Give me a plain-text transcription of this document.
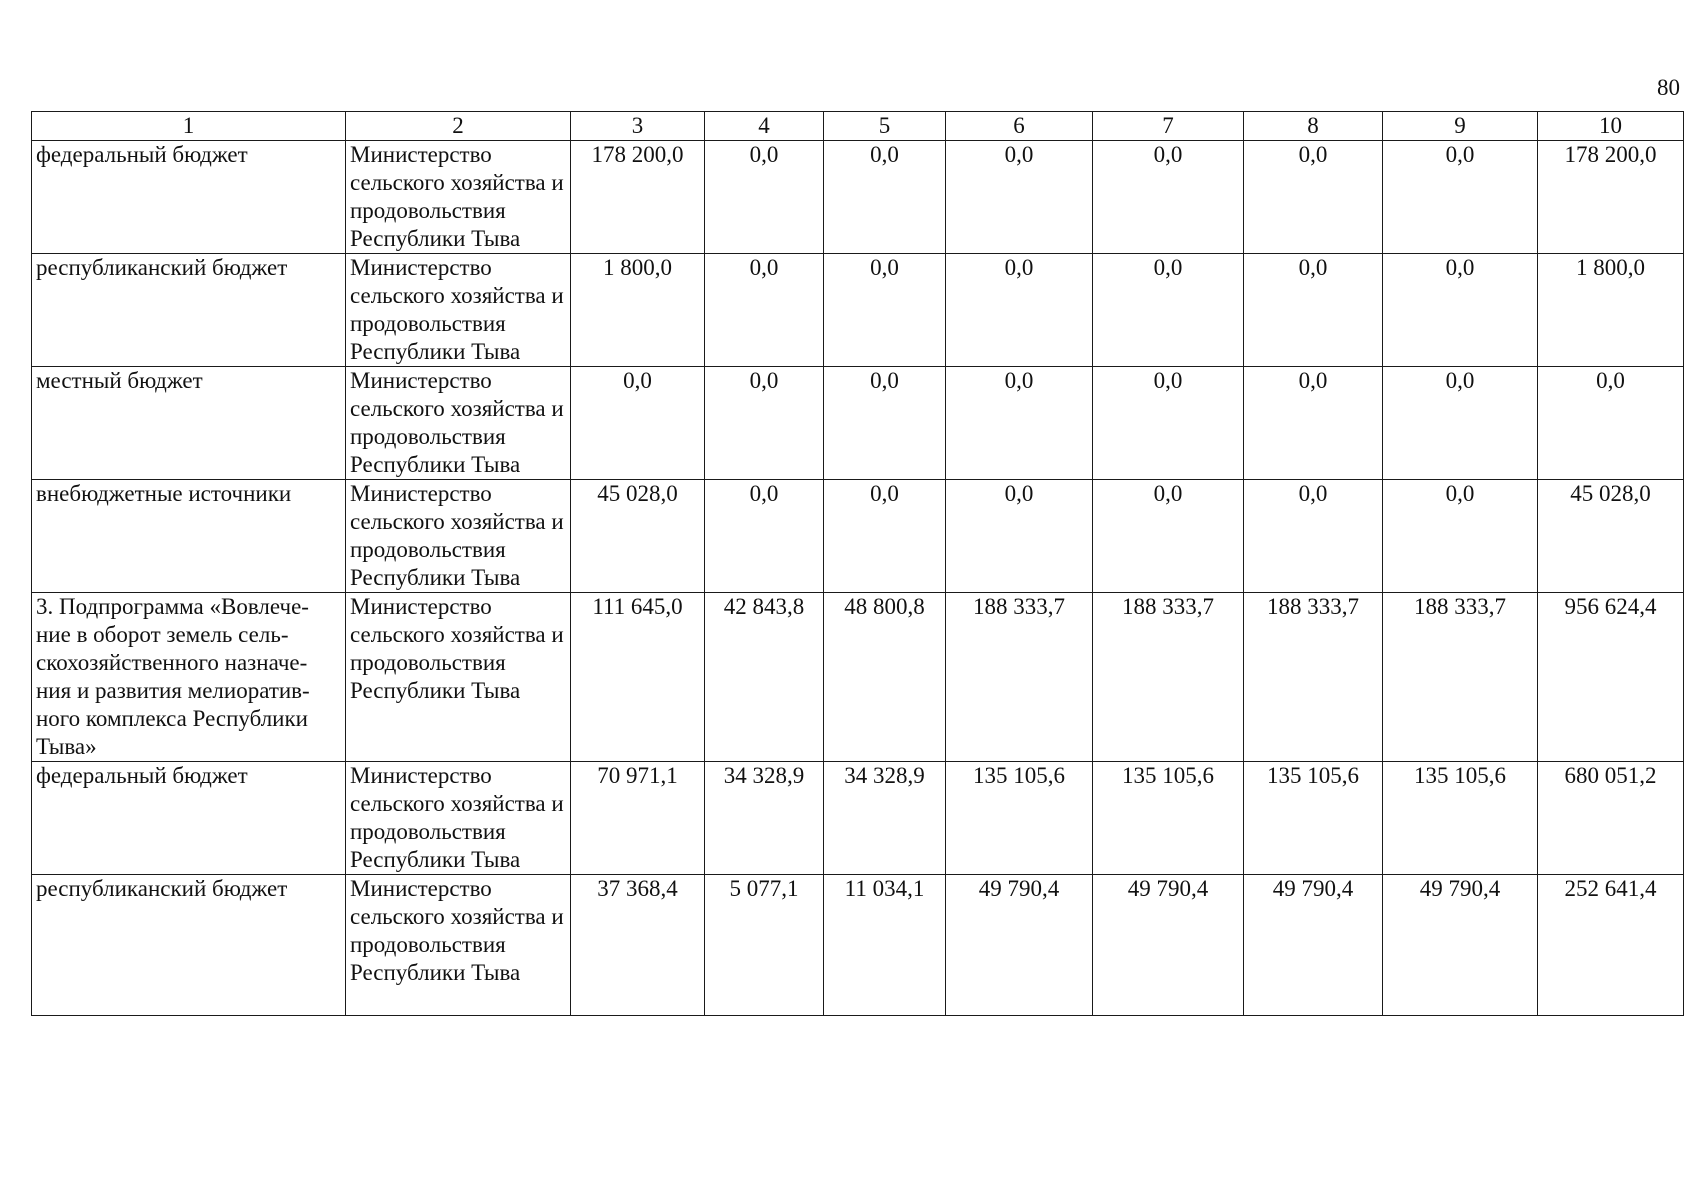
80
1	2	3	4	5	6	7	8	9	10
федеральный бюджет	Министерство сельского хозяйства и продовольствия Республики Тыва	178 200,0	0,0	0,0	0,0	0,0	0,0	0,0	178 200,0
республиканский бюджет	Министерство сельского хозяйства и продовольствия Республики Тыва	1 800,0	0,0	0,0	0,0	0,0	0,0	0,0	1 800,0
местный бюджет	Министерство сельского хозяйства и продовольствия Республики Тыва	0,0	0,0	0,0	0,0	0,0	0,0	0,0	0,0
внебюджетные источники	Министерство сельского хозяйства и продовольствия Республики Тыва	45 028,0	0,0	0,0	0,0	0,0	0,0	0,0	45 028,0
3. Подпрограмма «Вовлече-ние в оборот земель сель-скохозяйственного назначе-ния и развития мелиоратив-ного комплекса Республики Тыва»	Министерство сельского хозяйства и продовольствия Республики Тыва	111 645,0	42 843,8	48 800,8	188 333,7	188 333,7	188 333,7	188 333,7	956 624,4
федеральный бюджет	Министерство сельского хозяйства и продовольствия Республики Тыва	70 971,1	34 328,9	34 328,9	135 105,6	135 105,6	135 105,6	135 105,6	680 051,2
республиканский бюджет	Министерство сельского хозяйства и продовольствия Республики Тыва	37 368,4	5 077,1	11 034,1	49 790,4	49 790,4	49 790,4	49 790,4	252 641,4
